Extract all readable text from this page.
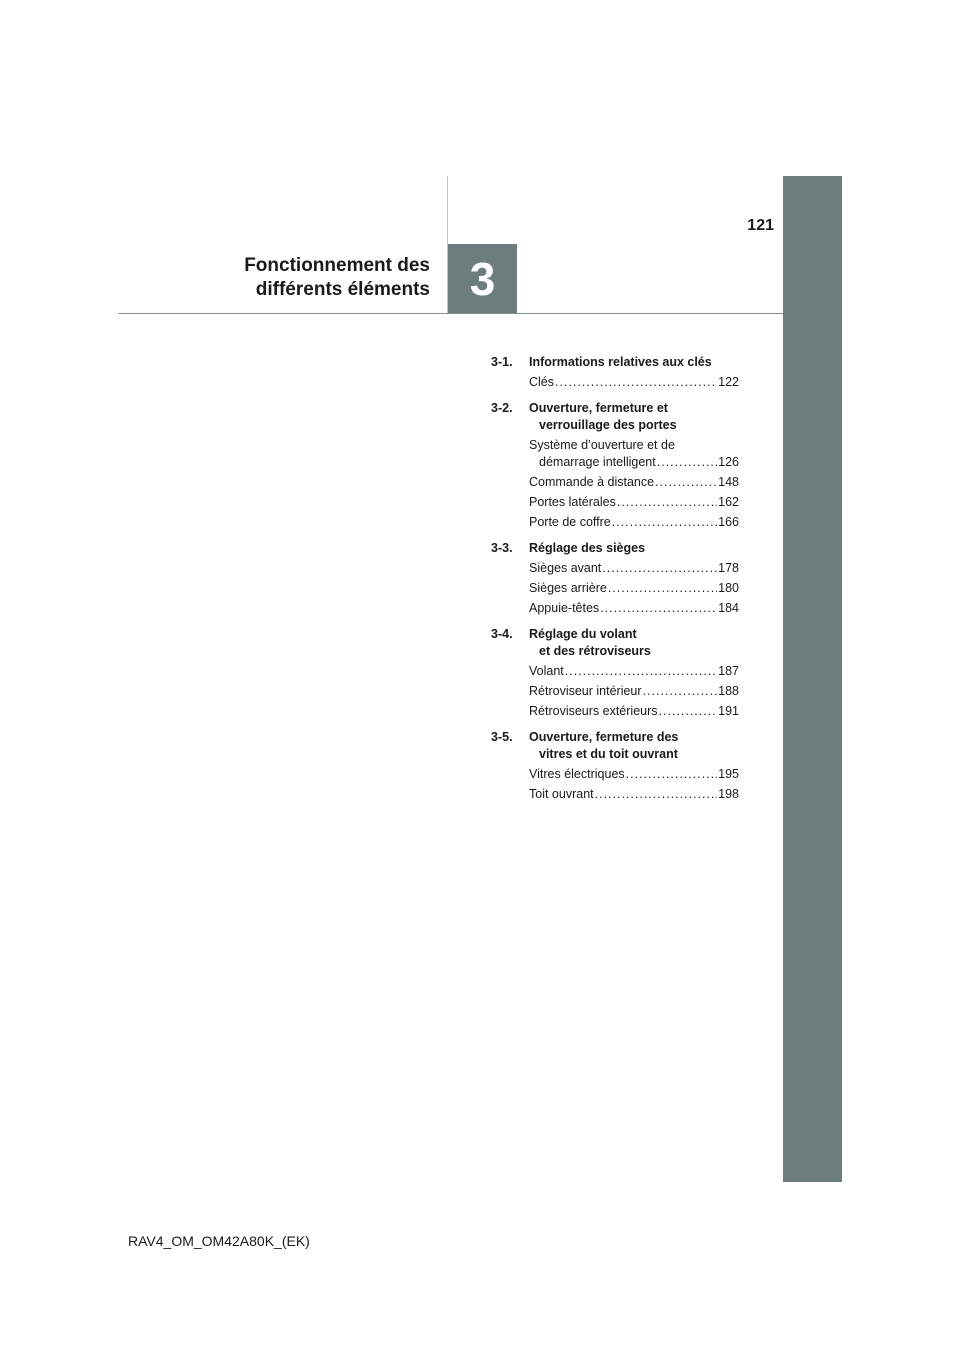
3
Fonctionnement des
différents éléments
121
3-1. Informations relatives aux clés
Clés .....	122
3-2. Ouverture, fermeture et
verrouillage des portes
Système d’ouverture et de
démarrage intelligent .....	126
Commande à distance .....	148
Portes latérales .....	162
Porte de coffre .....	166
3-3. Réglage des sièges
Sièges avant .....	178
Sièges arrière .....	180
Appuie-têtes .....	184
3-4. Réglage du volant
et des rétroviseurs
Volant .....	187
Rétroviseur intérieur .....	188
Rétroviseurs extérieurs .....	191
3-5. Ouverture, fermeture des
vitres et du toit ouvrant
Vitres électriques .....	195
Toit ouvrant .....	198
RAV4_OM_OM42A80K_(EK)
